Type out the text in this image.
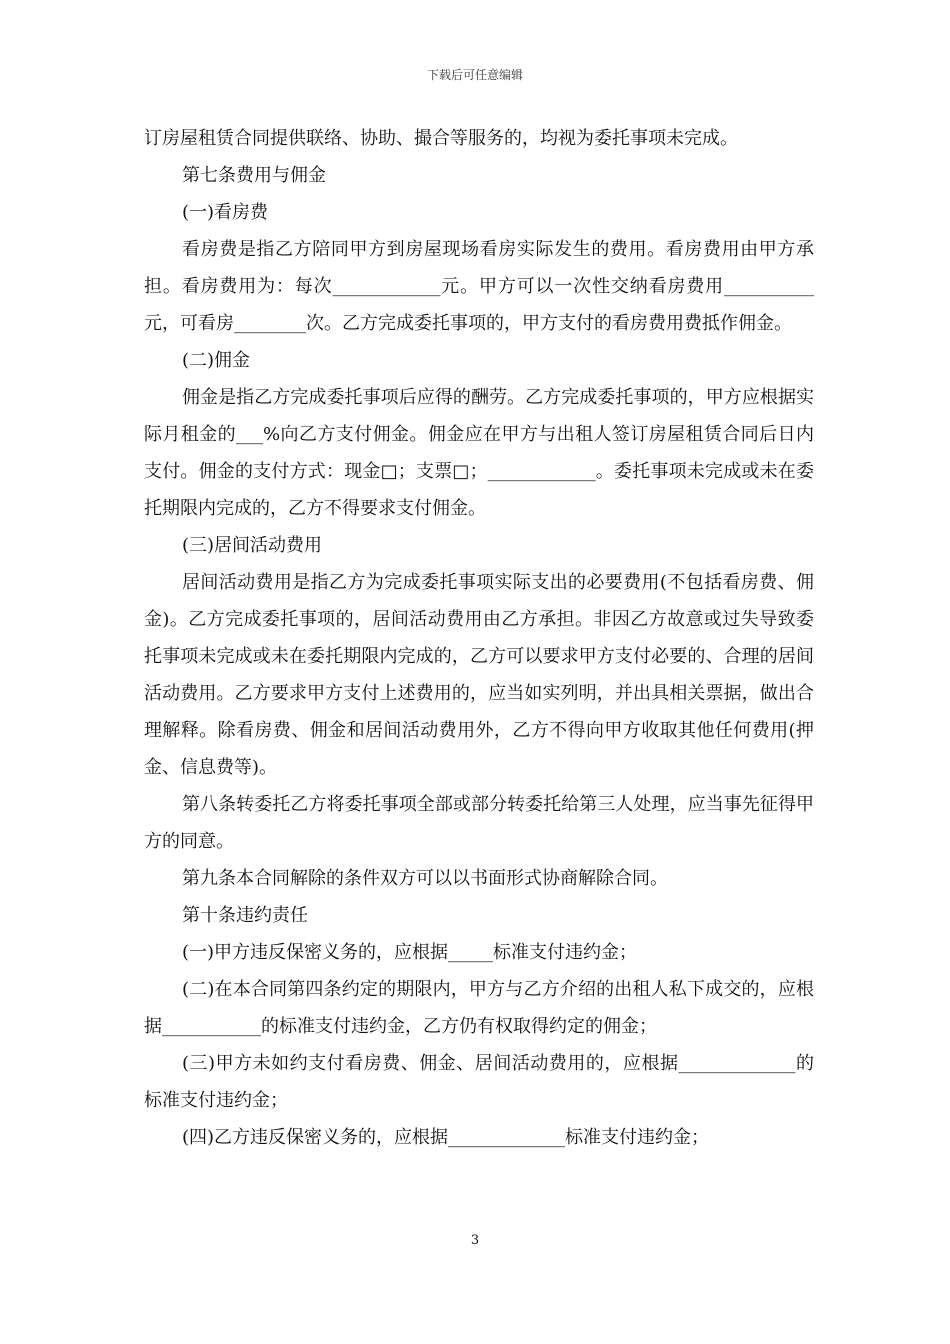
下载后可任意编辑

订房屋租赁合同提供联络、协助、撮合等服务的，均视为委托事项未完成。

第七条费用与佣金

(一)看房费

看房费是指乙方陪同甲方到房屋现场看房实际发生的费用。看房费用由甲方承担。看房费用为：每次____________元。甲方可以一次性交纳看房费用__________元，可看房________次。乙方完成委托事项的，甲方支付的看房费用费抵作佣金。

(二)佣金

佣金是指乙方完成委托事项后应得的酬劳。乙方完成委托事项的，甲方应根据实际月租金的___%向乙方支付佣金。佣金应在甲方与出租人签订房屋租赁合同后日内支付。佣金的支付方式：现金□；支票□；____________。委托事项未完成或未在委托期限内完成的，乙方不得要求支付佣金。

(三)居间活动费用

居间活动费用是指乙方为完成委托事项实际支出的必要费用(不包括看房费、佣金)。乙方完成委托事项的，居间活动费用由乙方承担。非因乙方故意或过失导致委托事项未完成或未在委托期限内完成的，乙方可以要求甲方支付必要的、合理的居间活动费用。乙方要求甲方支付上述费用的，应当如实列明，并出具相关票据，做出合理解释。除看房费、佣金和居间活动费用外，乙方不得向甲方收取其他任何费用(押金、信息费等)。

第八条转委托乙方将委托事项全部或部分转委托给第三人处理，应当事先征得甲方的同意。

第九条本合同解除的条件双方可以以书面形式协商解除合同。

第十条违约责任

(一)甲方违反保密义务的，应根据_____标准支付违约金；

(二)在本合同第四条约定的期限内，甲方与乙方介绍的出租人私下成交的，应根据___________的标准支付违约金，乙方仍有权取得约定的佣金；

(三)甲方未如约支付看房费、佣金、居间活动费用的，应根据_____________的标准支付违约金；

(四)乙方违反保密义务的，应根据_____________标准支付违约金；

3
